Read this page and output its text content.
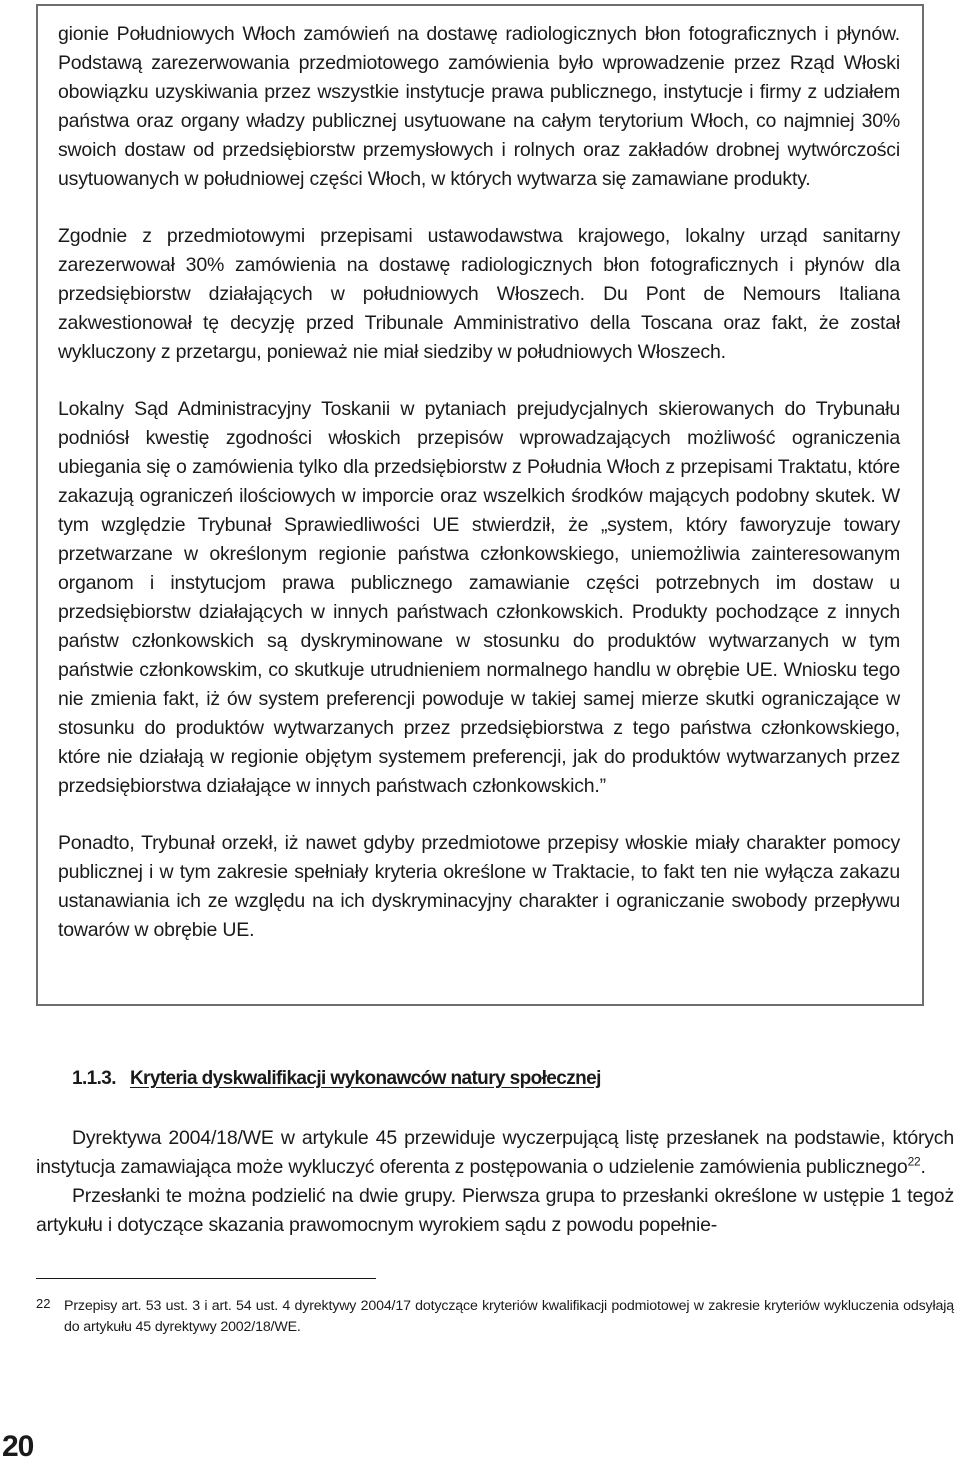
gionie Południowych Włoch zamówień na dostawę radiologicznych błon fotograficznych i płynów. Podstawą zarezerwowania przedmiotowego zamówienia było wprowadzenie przez Rząd Włoski obowiązku uzyskiwania przez wszystkie instytucje prawa publicznego, instytucje i firmy z udziałem państwa oraz organy władzy publicznej usytuowane na całym terytorium Włoch, co najmniej 30% swoich dostaw od przedsiębiorstw przemysłowych i rolnych oraz zakładów drobnej wytwórczości usytuowanych w południowej części Włoch, w których wytwarza się zamawiane produkty.

Zgodnie z przedmiotowymi przepisami ustawodawstwa krajowego, lokalny urząd sanitarny zarezerwował 30% zamówienia na dostawę radiologicznych błon fotograficznych i płynów dla przedsiębiorstw działających w południowych Włoszech. Du Pont de Nemours Italiana zakwestionował tę decyzję przed Tribunale Amministrativo della Toscana oraz fakt, że został wykluczony z przetargu, ponieważ nie miał siedziby w południowych Włoszech.

Lokalny Sąd Administracyjny Toskanii w pytaniach prejudycjalnych skierowanych do Trybunału podniósł kwestię zgodności włoskich przepisów wprowadzających możliwość ograniczenia ubiegania się o zamówienia tylko dla przedsiębiorstw z Południa Włoch z przepisami Traktatu, które zakazują ograniczeń ilościowych w imporcie oraz wszelkich środków mających podobny skutek. W tym względzie Trybunał Sprawiedliwości UE stwierdził, że „system, który faworyzuje towary przetwarzane w określonym regionie państwa członkowskiego, uniemożliwia zainteresowanym organom i instytucjom prawa publicznego zamawianie części potrzebnych im dostaw u przedsiębiorstw działających w innych państwach członkowskich. Produkty pochodzące z innych państw członkowskich są dyskryminowane w stosunku do produktów wytwarzanych w tym państwie członkowskim, co skutkuje utrudnieniem normalnego handlu w obrębie UE. Wniosku tego nie zmienia fakt, iż ów system preferencji powoduje w takiej samej mierze skutki ograniczające w stosunku do produktów wytwarzanych przez przedsiębiorstwa z tego państwa członkowskiego, które nie działają w regionie objętym systemem preferencji, jak do produktów wytwarzanych przez przedsiębiorstwa działające w innych państwach członkowskich.”

Ponadto, Trybunał orzekł, iż nawet gdyby przedmiotowe przepisy włoskie miały charakter pomocy publicznej i w tym zakresie spełniały kryteria określone w Traktacie, to fakt ten nie wyłącza zakazu ustanawiania ich ze względu na ich dyskryminacyjny charakter i ograniczanie swobody przepływu towarów w obrębie UE.

1.1.3. Kryteria dyskwalifikacji wykonawców natury społecznej

Dyrektywa 2004/18/WE w artykule 45 przewiduje wyczerpującą listę przesłanek na podstawie, których instytucja zamawiająca może wykluczyć oferenta z postępowania o udzielenie zamówienia publicznego$^{22}$.

Przesłanki te można podzielić na dwie grupy. Pierwsza grupa to przesłanki określone w ustępie 1 tegoż artykułu i dotyczące skazania prawomocnym wyrokiem sądu z powodu popełnie-

22 Przepisy art. 53 ust. 3 i art. 54 ust. 4 dyrektywy 2004/17 dotyczące kryteriów kwalifikacji podmiotowej w zakresie kryteriów wykluczenia odsyłają do artykułu 45 dyrektywy 2002/18/WE.
20
